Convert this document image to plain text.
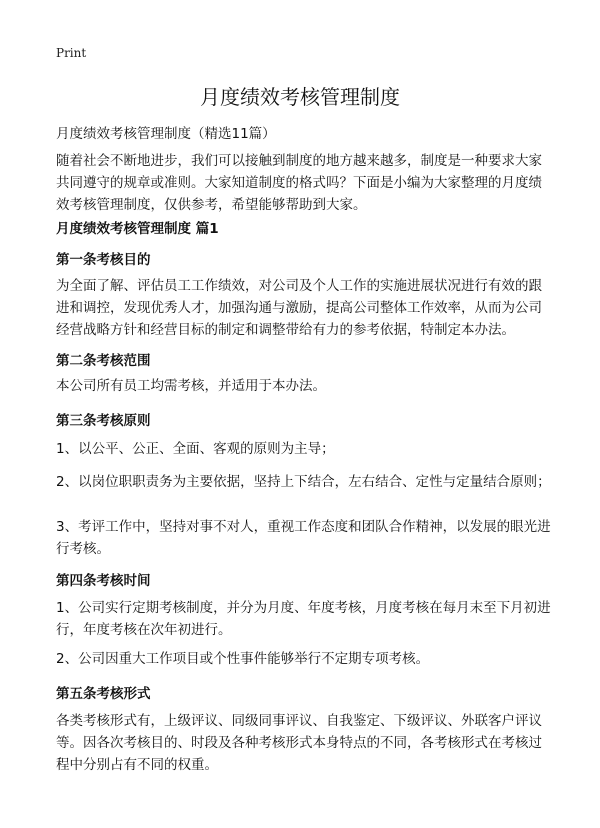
Print
月度绩效考核管理制度
月度绩效考核管理制度（精选11篇）

随着社会不断地进步，我们可以接触到制度的地方越来越多，制度是一种要求大家共同遵守的规章或准则。大家知道制度的格式吗？下面是小编为大家整理的月度绩效考核管理制度，仅供参考，希望能够帮助到大家。

月度绩效考核管理制度 篇1
第一条考核目的

为全面了解、评估员工工作绩效，对公司及个人工作的实施进展状况进行有效的跟进和调控，发现优秀人才，加强沟通与激励，提高公司整体工作效率，从而为公司经营战略方针和经营目标的制定和调整带给有力的参考依据，特制定本办法。

第二条考核范围

本公司所有员工均需考核，并适用于本办法。

第三条考核原则

1、以公平、公正、全面、客观的原则为主导；

2、以岗位职职责务为主要依据，坚持上下结合，左右结合、定性与定量结合原则；

3、考评工作中，坚持对事不对人，重视工作态度和团队合作精神，以发展的眼光进行考核。

第四条考核时间

1、公司实行定期考核制度，并分为月度、年度考核，月度考核在每月末至下月初进行，年度考核在次年初进行。

2、公司因重大工作项目或个性事件能够举行不定期专项考核。

第五条考核形式

各类考核形式有，上级评议、同级同事评议、自我鉴定、下级评议、外联客户评议等。因各次考核目的、时段及各种考核形式本身特点的不同，各考核形式在考核过程中分别占有不同的权重。
